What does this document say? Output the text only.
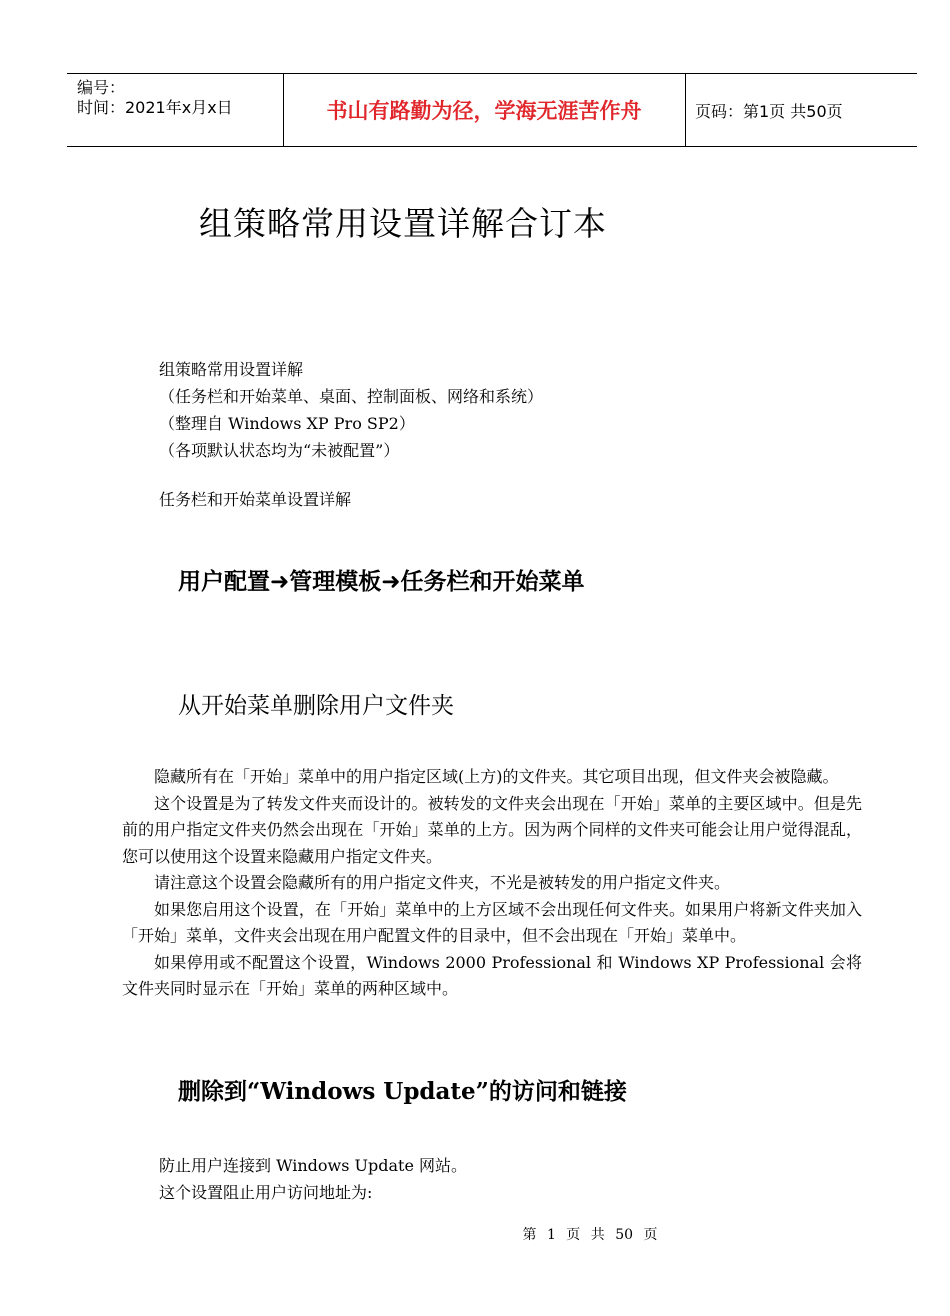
编号：
时间：2021年x月x日	书山有路勤为径，学海无涯苦作舟	页码：第1页 共50页
组策略常用设置详解合订本
组策略常用设置详解
（任务栏和开始菜单、桌面、控制面板、网络和系统）
（整理自 Windows XP Pro SP2）
（各项默认状态均为“未被配置”）
任务栏和开始菜单设置详解
用户配置➜管理模板➜任务栏和开始菜单
从开始菜单删除用户文件夹

隐藏所有在「开始」菜单中的用户指定区域(上方)的文件夹。其它项目出现，但文件夹会被隐藏。

这个设置是为了转发文件夹而设计的。被转发的文件夹会出现在「开始」菜单的主要区域中。但是先前的用户指定文件夹仍然会出现在「开始」菜单的上方。因为两个同样的文件夹可能会让用户觉得混乱，您可以使用这个设置来隐藏用户指定文件夹。

请注意这个设置会隐藏所有的用户指定文件夹，不光是被转发的用户指定文件夹。

如果您启用这个设置，在「开始」菜单中的上方区域不会出现任何文件夹。如果用户将新文件夹加入「开始」菜单，文件夹会出现在用户配置文件的目录中，但不会出现在「开始」菜单中。

如果停用或不配置这个设置，Windows 2000 Professional 和 Windows XP Professional 会将文件夹同时显示在「开始」菜单的两种区域中。

删除到“Windows Update”的访问和链接
防止用户连接到 Windows Update 网站。
这个设置阻止用户访问地址为:
第 1 页 共 50 页
